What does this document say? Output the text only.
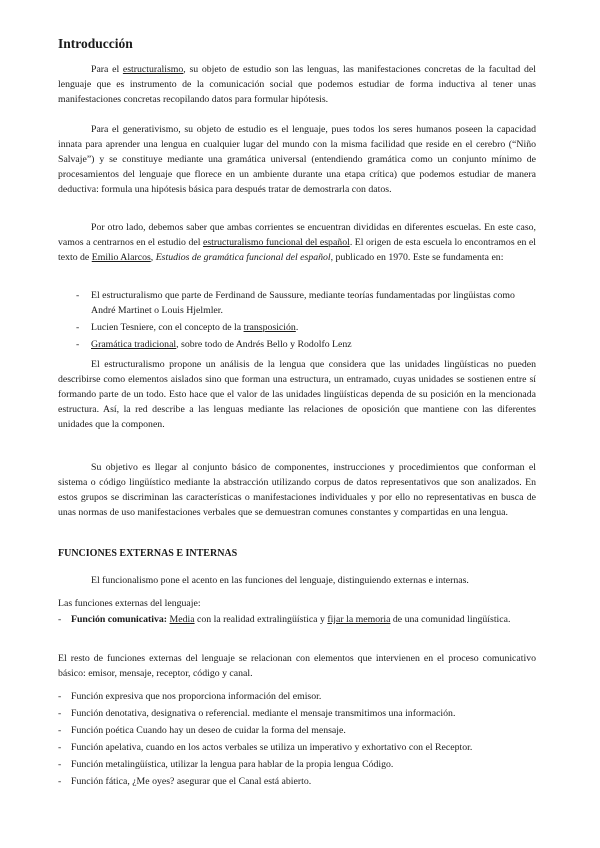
Introducción

Para el estructuralismo, su objeto de estudio son las lenguas, las manifestaciones concretas de la facultad del lenguaje que es instrumento de la comunicación social que podemos estudiar de forma inductiva al tener unas manifestaciones concretas recopilando datos para formular hipótesis.

Para el generativismo, su objeto de estudio es el lenguaje, pues todos los seres humanos poseen la capacidad innata para aprender una lengua en cualquier lugar del mundo con la misma facilidad que reside en el cerebro (“Niño Salvaje”) y se constituye mediante una gramática universal (entendiendo gramática como un conjunto mínimo de procesamientos del lenguaje que florece en un ambiente durante una etapa crítica) que podemos estudiar de manera deductiva: formula una hipótesis básica para después tratar de demostrarla con datos.

Por otro lado, debemos saber que ambas corrientes se encuentran divididas en diferentes escuelas. En este caso, vamos a centrarnos en el estudio del estructuralismo funcional del español. El origen de esta escuela lo encontramos en el texto de Emilio Alarcos, Estudios de gramática funcional del español, publicado en 1970. Este se fundamenta en:

- El estructuralismo que parte de Ferdinand de Saussure, mediante teorías fundamentadas por lingüistas como André Martinet o Louis Hjelmler.
- Lucien Tesniere, con el concepto de la transposición.
- Gramática tradicional, sobre todo de Andrés Bello y Rodolfo Lenz

El estructuralismo propone un análisis de la lengua que considera que las unidades lingüísticas no pueden describirse como elementos aislados sino que forman una estructura, un entramado, cuyas unidades se sostienen entre sí formando parte de un todo. Esto hace que el valor de las unidades lingüísticas dependa de su posición en la mencionada estructura. Así, la red describe a las lenguas mediante las relaciones de oposición que mantiene con las diferentes unidades que la componen.

Su objetivo es llegar al conjunto básico de componentes, instrucciones y procedimientos que conforman el sistema o código lingüístico mediante la abstracción utilizando corpus de datos representativos que son analizados. En estos grupos se discriminan las características o manifestaciones individuales y por ello no representativas en busca de unas normas de uso manifestaciones verbales que se demuestran comunes constantes y compartidas en una lengua.

FUNCIONES EXTERNAS E INTERNAS

El funcionalismo pone el acento en las funciones del lenguaje, distinguiendo externas e internas.

Las funciones externas del lenguaje:

- Función comunicativa: Media con la realidad extralingüística y fijar la memoria de una comunidad lingüística.

El resto de funciones externas del lenguaje se relacionan con elementos que intervienen en el proceso comunicativo básico: emisor, mensaje, receptor, código y canal.

- Función expresiva que nos proporciona información del emisor.
- Función denotativa, designativa o referencial. mediante el mensaje transmitimos una información.
- Función poética Cuando hay un deseo de cuidar la forma del mensaje.
- Función apelativa, cuando en los actos verbales se utiliza un imperativo y exhortativo con el Receptor.
- Función metalingüística, utilizar la lengua para hablar de la propia lengua Código.
- Función fática, ¿Me oyes? asegurar que el Canal está abierto.
